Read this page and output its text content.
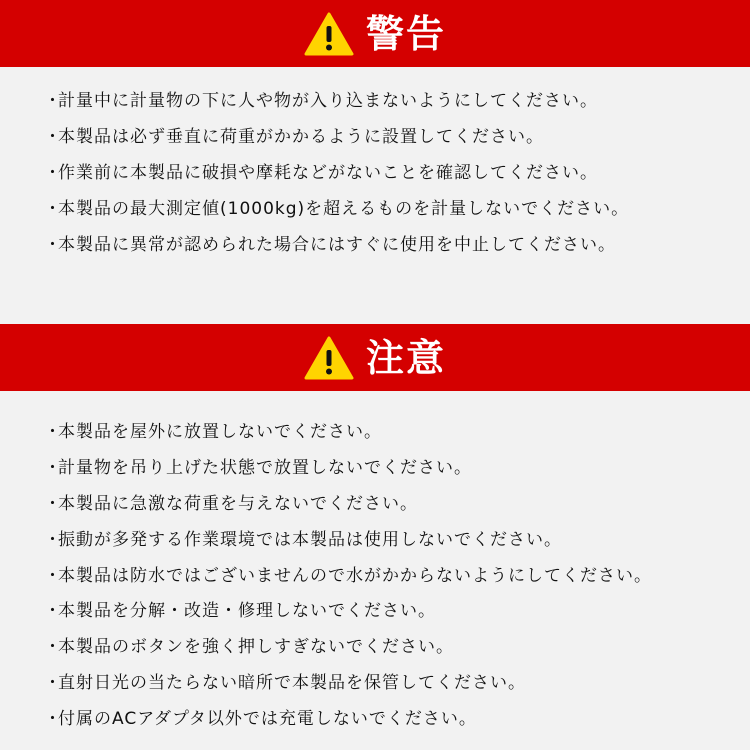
警告
・
計量中に計量物の下に人や物が入り込まないようにしてください。
・
本製品は必ず垂直に荷重がかかるように設置してください。
・
作業前に本製品に破損や摩耗などがないことを確認してください。
・
本製品の最大測定値(1000kg)を超えるものを計量しないでください。
・
本製品に異常が認められた場合にはすぐに使用を中止してください。
注意
・
本製品を屋外に放置しないでください。
・
計量物を吊り上げた状態で放置しないでください。
・
本製品に急激な荷重を与えないでください。
・
振動が多発する作業環境では本製品は使用しないでください。
・
本製品は防水ではございませんので水がかからないようにしてください。
・
本製品を分解・改造・修理しないでください。
・
本製品のボタンを強く押しすぎないでください。
・
直射日光の当たらない暗所で本製品を保管してください。
・
付属のACアダプタ以外では充電しないでください。
